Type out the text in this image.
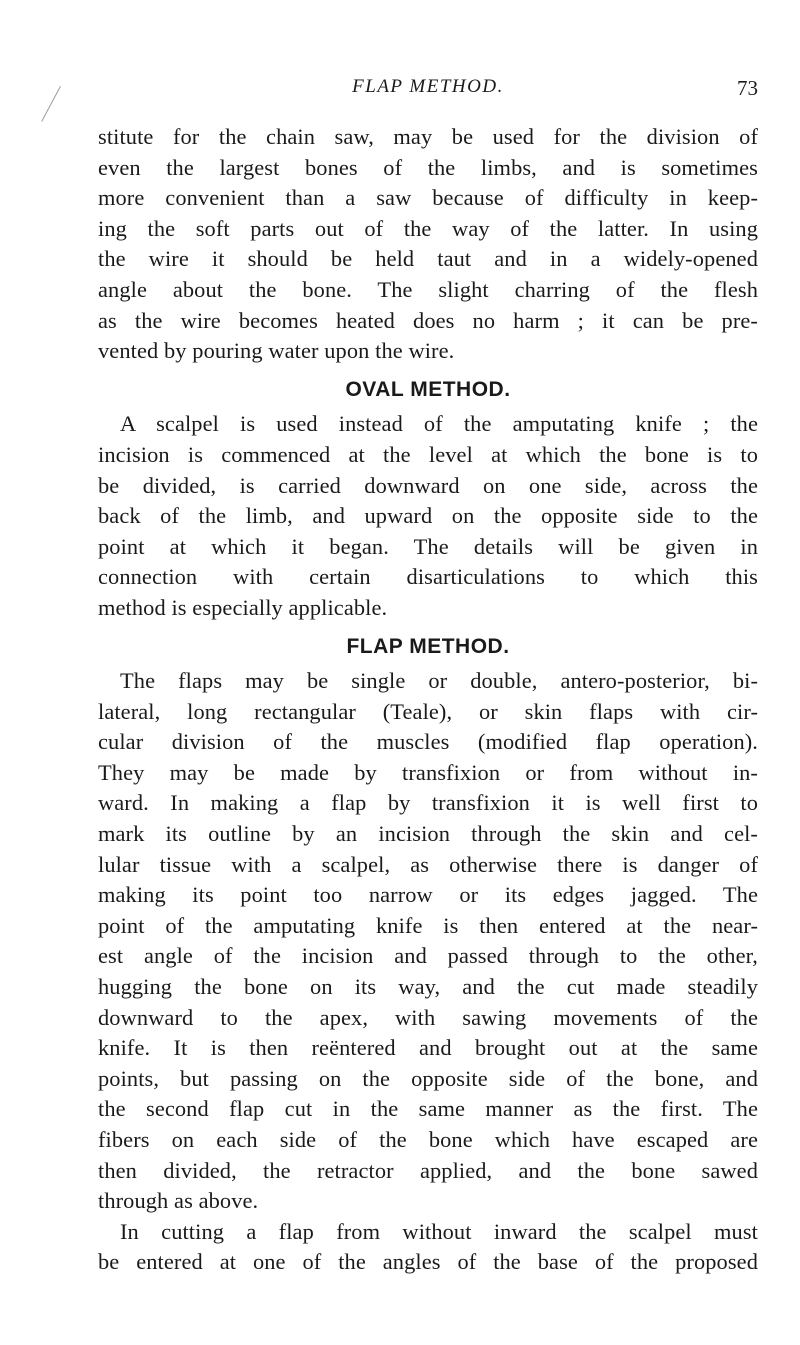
FLAP METHOD.	73
stitute for the chain saw, may be used for the division of
even the largest bones of the limbs, and is sometimes
more convenient than a saw because of difficulty in keep-
ing the soft parts out of the way of the latter. In using
the wire it should be held taut and in a widely-opened
angle about the bone. The slight charring of the flesh
as the wire becomes heated does no harm ; it can be pre-
vented by pouring water upon the wire.
OVAL METHOD.
A scalpel is used instead of the amputating knife ; the
incision is commenced at the level at which the bone is to
be divided, is carried downward on one side, across the
back of the limb, and upward on the opposite side to the
point at which it began. The details will be given in
connection with certain disarticulations to which this
method is especially applicable.
FLAP METHOD.
The flaps may be single or double, antero-posterior, bi-
lateral, long rectangular (Teale), or skin flaps with cir-
cular division of the muscles (modified flap operation).
They may be made by transfixion or from without in-
ward. In making a flap by transfixion it is well first to
mark its outline by an incision through the skin and cel-
lular tissue with a scalpel, as otherwise there is danger of
making its point too narrow or its edges jagged. The
point of the amputating knife is then entered at the near-
est angle of the incision and passed through to the other,
hugging the bone on its way, and the cut made steadily
downward to the apex, with sawing movements of the
knife. It is then reëntered and brought out at the same
points, but passing on the opposite side of the bone, and
the second flap cut in the same manner as the first. The
fibers on each side of the bone which have escaped are
then divided, the retractor applied, and the bone sawed
through as above.
In cutting a flap from without inward the scalpel must
be entered at one of the angles of the base of the proposed
